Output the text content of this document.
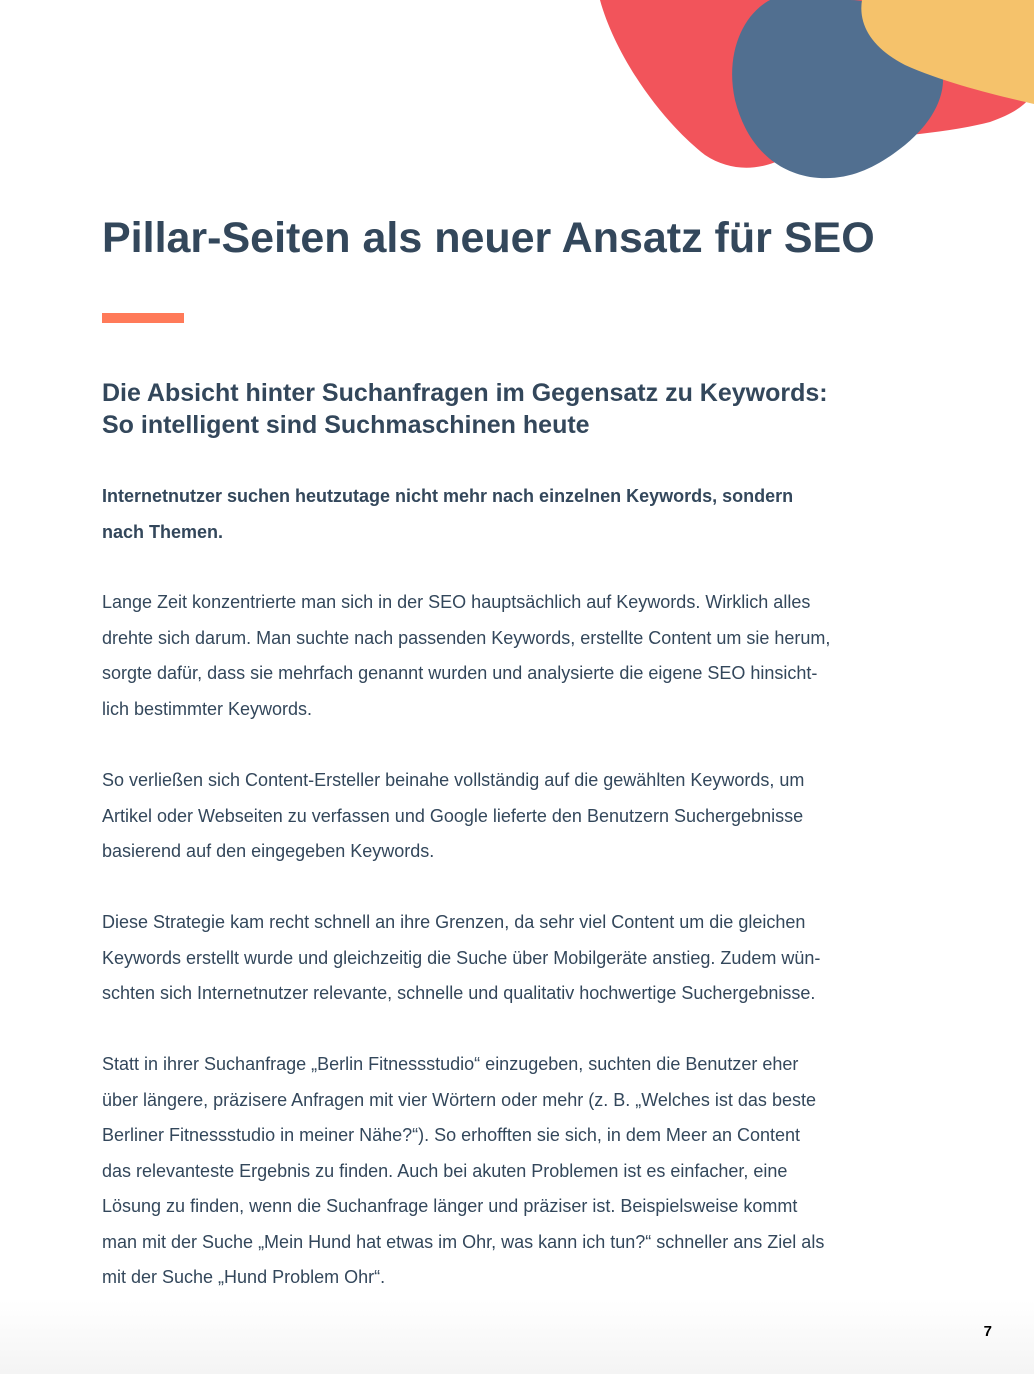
Pillar-Seiten als neuer Ansatz für SEO
Die Absicht hinter Suchanfragen im Gegensatz zu Keywords:
So intelligent sind Suchmaschinen heute

Internetnutzer suchen heutzutage nicht mehr nach einzelnen Keywords, sondern
nach Themen.

Lange Zeit konzentrierte man sich in der SEO hauptsächlich auf Keywords. Wirklich alles
drehte sich darum. Man suchte nach passenden Keywords, erstellte Content um sie herum,
sorgte dafür, dass sie mehrfach genannt wurden und analysierte die eigene SEO hinsicht-
lich bestimmter Keywords.

So verließen sich Content-Ersteller beinahe vollständig auf die gewählten Keywords, um
Artikel oder Webseiten zu verfassen und Google lieferte den Benutzern Suchergebnisse
basierend auf den eingegeben Keywords.

Diese Strategie kam recht schnell an ihre Grenzen, da sehr viel Content um die gleichen
Keywords erstellt wurde und gleichzeitig die Suche über Mobilgeräte anstieg. Zudem wün-
schten sich Internetnutzer relevante, schnelle und qualitativ hochwertige Suchergebnisse.

Statt in ihrer Suchanfrage „Berlin Fitnessstudio“ einzugeben, suchten die Benutzer eher
über längere, präzisere Anfragen mit vier Wörtern oder mehr (z. B. „Welches ist das beste
Berliner Fitnessstudio in meiner Nähe?“). So erhofften sie sich, in dem Meer an Content
das relevanteste Ergebnis zu finden. Auch bei akuten Problemen ist es einfacher, eine
Lösung zu finden, wenn die Suchanfrage länger und präziser ist. Beispielsweise kommt
man mit der Suche „Mein Hund hat etwas im Ohr, was kann ich tun?“ schneller ans Ziel als
mit der Suche „Hund Problem Ohr“.

7
